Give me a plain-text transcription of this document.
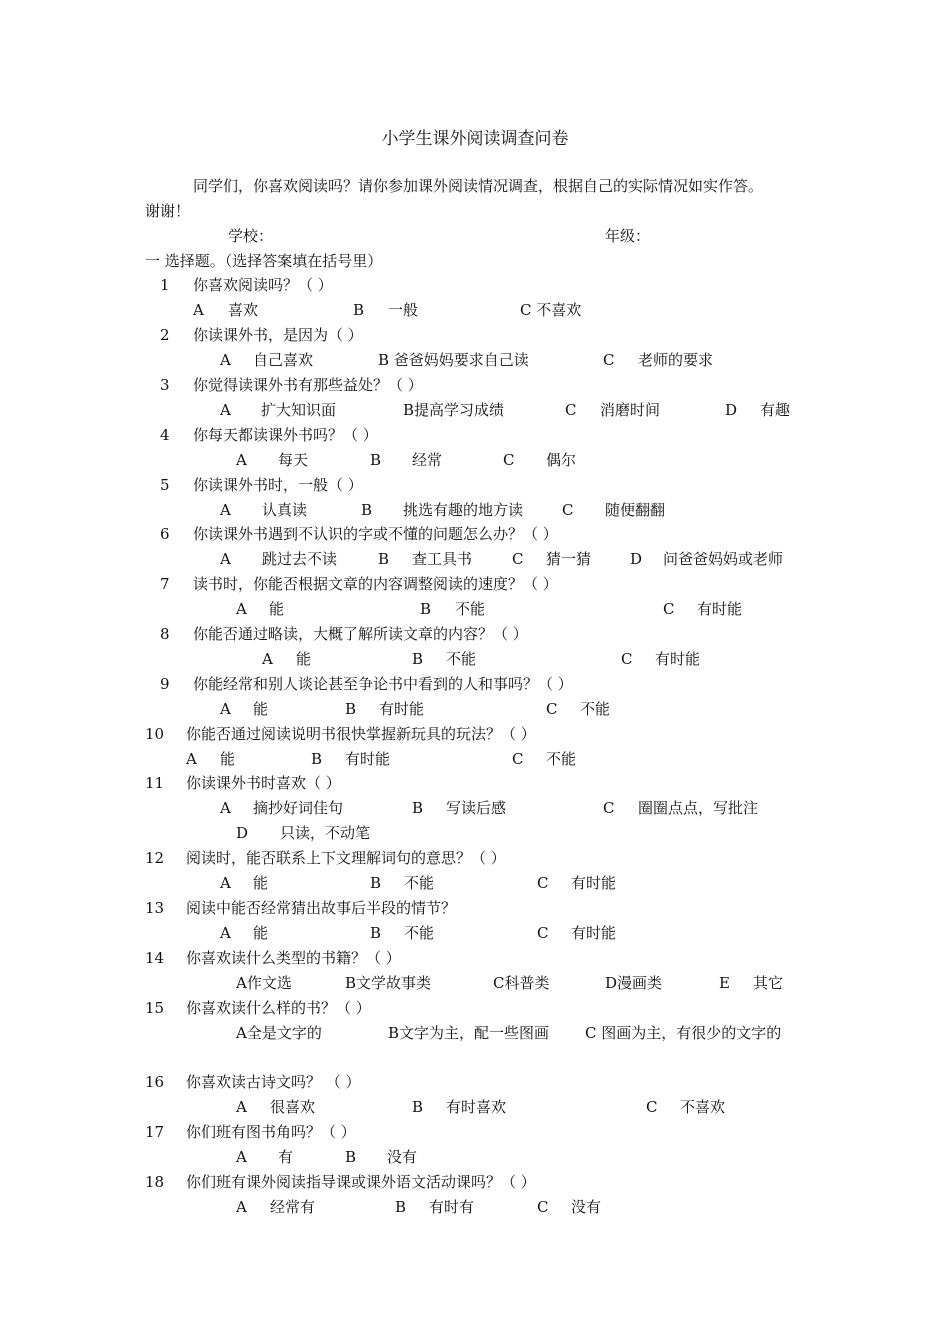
小学生课外阅读调查问卷
同学们，你喜欢阅读吗？请你参加课外阅读情况调查，根据自己的实际情况如实作答。
谢谢！
学校：	年级：
一 选择题。（选择答案填在括号里）
1 你喜欢阅读吗？（ ）
A 喜欢	B 一般	C 不喜欢
2 你读课外书，是因为（ ）
A 自己喜欢	B 爸爸妈妈要求自己读	C 老师的要求
3 你觉得读课外书有那些益处？（ ）
A 扩大知识面	B提高学习成绩	C 消磨时间	D 有趣
4 你每天都读课外书吗？（ ）
A 每天	B 经常	C 偶尔
5 你读课外书时，一般（ ）
A 认真读	B 挑选有趣的地方读	C 随便翻翻
6 你读课外书遇到不认识的字或不懂的问题怎么办？（ ）
A 跳过去不读	B 查工具书	C 猜一猜	D 问爸爸妈妈或老师
7 读书时，你能否根据文章的内容调整阅读的速度？（ ）
A 能	B 不能	C 有时能
8 你能否通过略读，大概了解所读文章的内容？（ ）
A 能	B 不能	C 有时能
9 你能经常和别人谈论甚至争论书中看到的人和事吗？（ ）
A 能	B 有时能	C 不能
10 你能否通过阅读说明书很快掌握新玩具的玩法？（ ）
A 能	B 有时能	C 不能
11 你读课外书时喜欢（ ）
A 摘抄好词佳句	B 写读后感	C 圈圈点点，写批注
D 只读，不动笔
12 阅读时，能否联系上下文理解词句的意思？（ ）
A 能	B 不能	C 有时能
13 阅读中能否经常猜出故事后半段的情节？
A 能	B 不能	C 有时能
14 你喜欢读什么类型的书籍？（ ）
A作文选	B文学故事类	C科普类	D漫画类	E 其它
15 你喜欢读什么样的书？（ ）
A全是文字的	B文字为主，配一些图画 C 图画为主，有很少的文字的
16 你喜欢读古诗文吗？ （ ）
A 很喜欢	B 有时喜欢	C 不喜欢
17 你们班有图书角吗？（ ）
A 有	B 没有
18 你们班有课外阅读指导课或课外语文活动课吗？（ ）
A 经常有	B 有时有	C 没有
